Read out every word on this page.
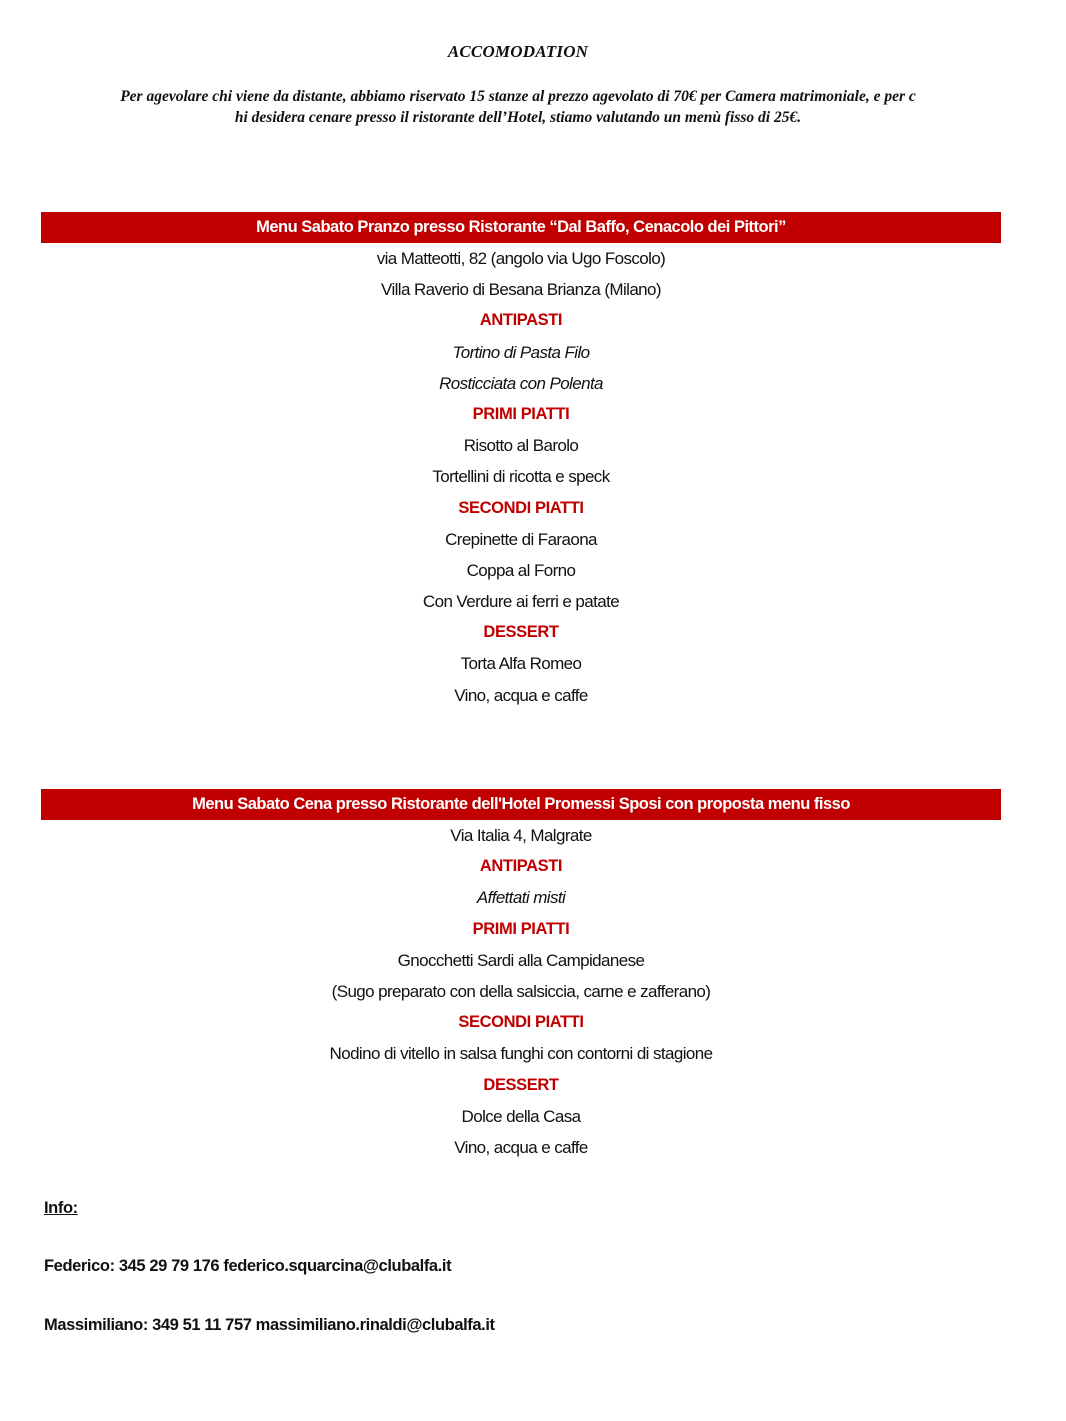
ACCOMODATION
Per agevolare chi viene da distante, abbiamo riservato 15 stanze al prezzo agevolato di 70€ per Camera matrimoniale, e per c
hi desidera cenare presso il ristorante dell’Hotel, stiamo valutando un menù fisso di 25€.
Menu Sabato Pranzo presso Ristorante “Dal Baffo, Cenacolo dei Pittori”
via Matteotti, 82 (angolo via Ugo Foscolo)
Villa Raverio di Besana Brianza (Milano)
ANTIPASTI
Tortino di Pasta Filo
Rosticciata con Polenta
PRIMI PIATTI
Risotto al Barolo
Tortellini di ricotta e speck
SECONDI PIATTI
Crepinette di Faraona
Coppa al Forno
Con Verdure ai ferri e patate
DESSERT
Torta Alfa Romeo
Vino, acqua e caffe
Menu Sabato Cena presso Ristorante dell'Hotel Promessi Sposi con proposta menu fisso
Via Italia 4, Malgrate
ANTIPASTI
Affettati misti
PRIMI PIATTI
Gnocchetti Sardi alla Campidanese
(Sugo preparato con della salsiccia, carne e zafferano)
SECONDI PIATTI
Nodino di vitello in salsa funghi con contorni di stagione
DESSERT
Dolce della Casa
Vino, acqua e caffe
Info:
Federico: 345 29 79 176 federico.squarcina@clubalfa.it
Massimiliano: 349 51 11 757 massimiliano.rinaldi@clubalfa.it
